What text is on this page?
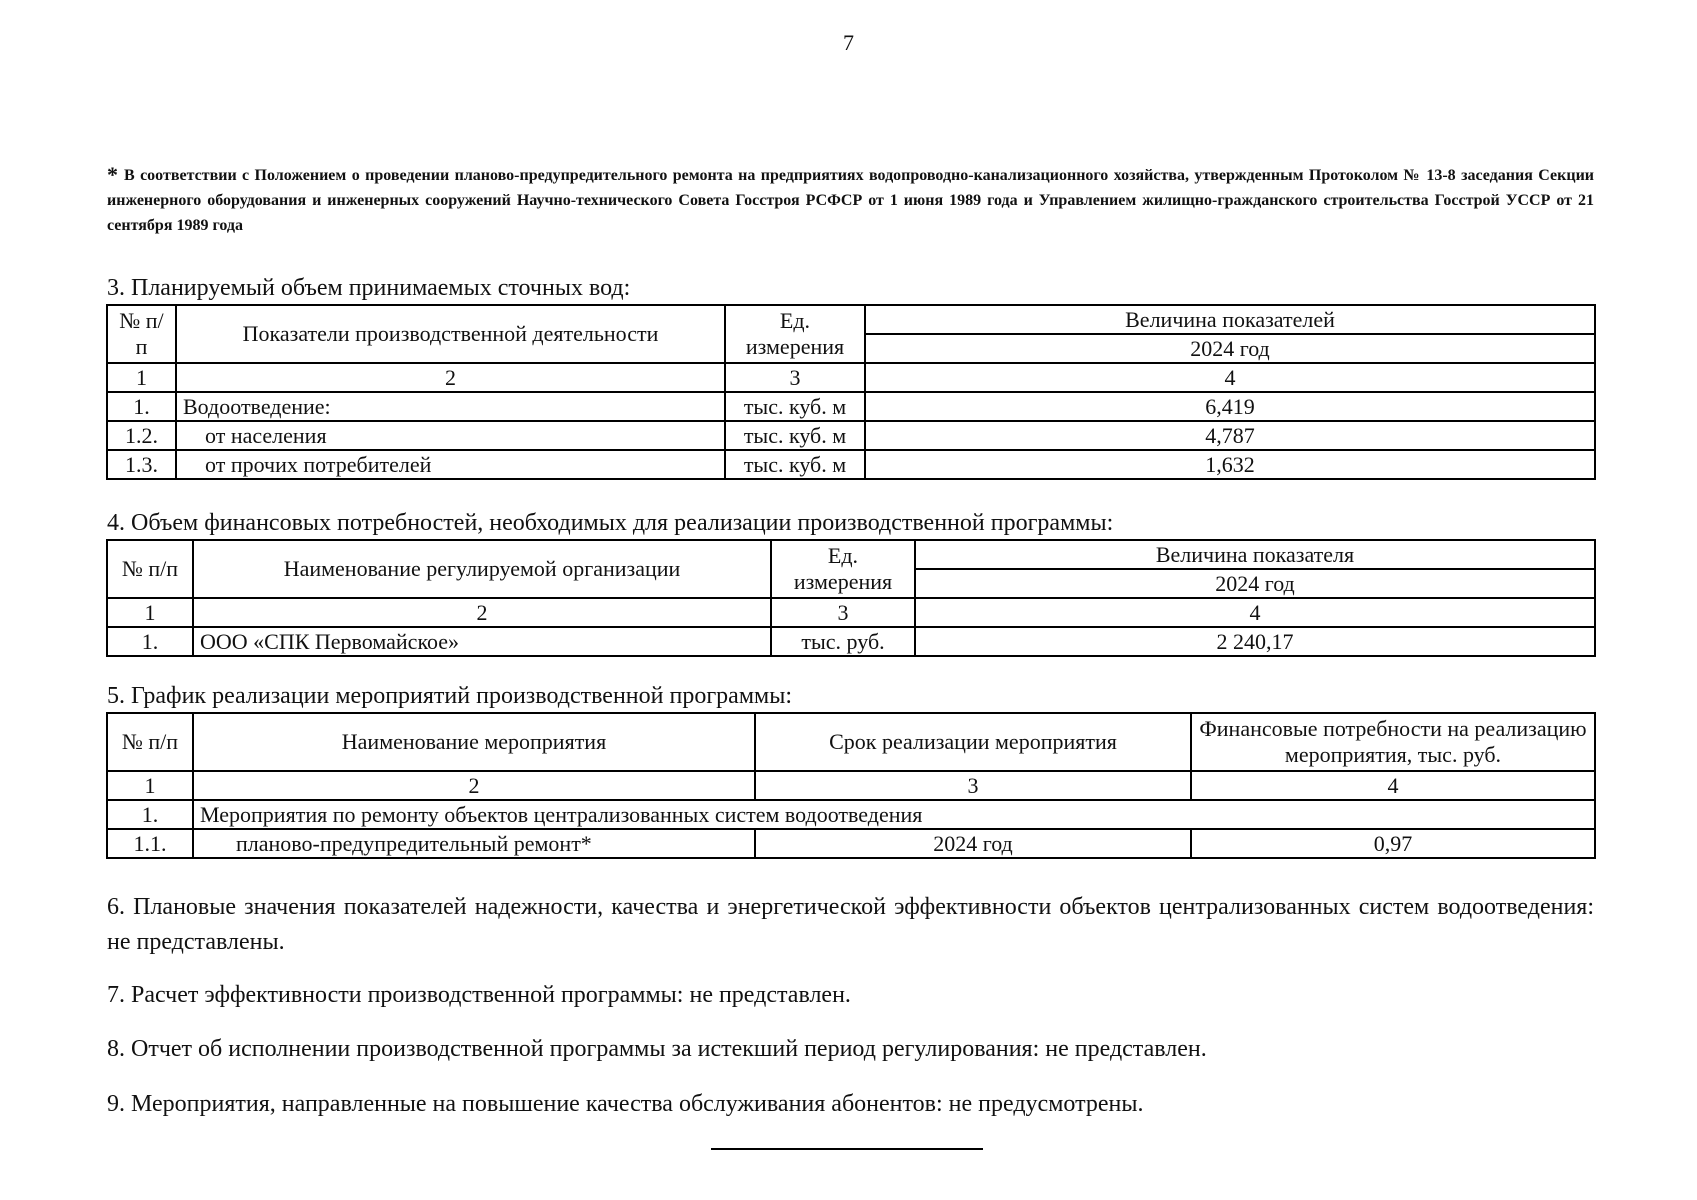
7
* В соответствии с Положением о проведении планово-предупредительного ремонта на предприятиях водопроводно-канализационного хозяйства, утвержденным Протоколом № 13-8 заседания Секции инженерного оборудования и инженерных сооружений Научно-технического Совета Госстроя РСФСР от 1 июня 1989 года и Управлением жилищно-гражданского строительства Госстрой УССР от 21 сентября 1989 года
3. Планируемый объем принимаемых сточных вод:
№ п/п	Показатели производственной деятельности	Ед. измерения	Величина показателей
			2024 год
1	2	3	4
1.	Водоотведение:	тыс. куб. м	6,419
1.2.	от населения	тыс. куб. м	4,787
1.3.	от прочих потребителей	тыс. куб. м	1,632
4. Объем финансовых потребностей, необходимых для реализации производственной программы:
№ п/п	Наименование регулируемой организации	Ед. измерения	Величина показателя
			2024 год
1	2	3	4
1.	ООО «СПК Первомайское»	тыс. руб.	2 240,17
5. График реализации мероприятий производственной программы:
№ п/п	Наименование мероприятия	Срок реализации мероприятия	Финансовые потребности на реализацию мероприятия, тыс. руб.
1	2	3	4
1.	Мероприятия по ремонту объектов централизованных систем водоотведения		
1.1.	планово-предупредительный ремонт*	2024 год	0,97
6. Плановые значения показателей надежности, качества и энергетической эффективности объектов централизованных систем водоотведения: не представлены.
7. Расчет эффективности производственной программы: не представлен.
8. Отчет об исполнении производственной программы за истекший период регулирования: не представлен.
9. Мероприятия, направленные на повышение качества обслуживания абонентов: не предусмотрены.
